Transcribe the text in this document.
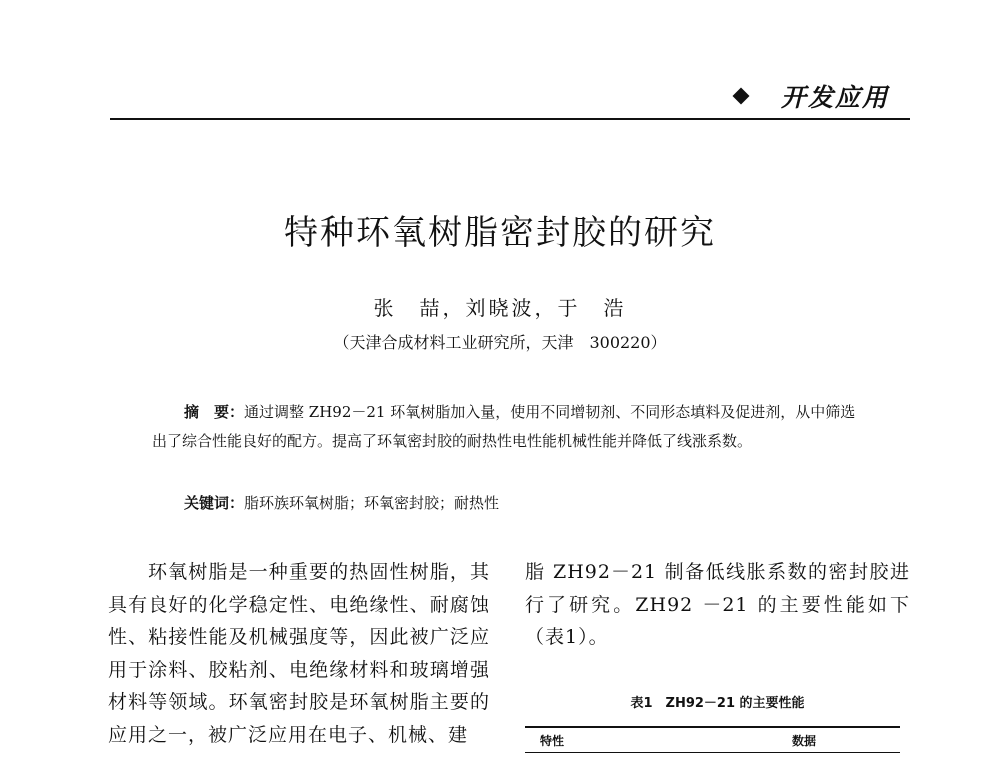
开发应用
特种环氧树脂密封胶的研究
张　喆，刘晓波，于　浩
（天津合成材料工业研究所，天津　300220）
摘　要：通过调整 ZH92－21 环氧树脂加入量，使用不同增韧剂、不同形态填料及促进剂，从中筛选出了综合性能良好的配方。提高了环氧密封胶的耐热性电性能机械性能并降低了线涨系数。
关键词：脂环族环氧树脂；环氧密封胶；耐热性
环氧树脂是一种重要的热固性树脂，其具有良好的化学稳定性、电绝缘性、耐腐蚀性、粘接性能及机械强度等，因此被广泛应用于涂料、胶粘剂、电绝缘材料和玻璃增强材料等领域。环氧密封胶是环氧树脂主要的应用之一，被广泛应用在电子、机械、建
脂 ZH92－21 制备低线胀系数的密封胶进行了研究。ZH92 －21 的主要性能如下（表1）。
表1　ZH92－21 的主要性能
特性	数据
